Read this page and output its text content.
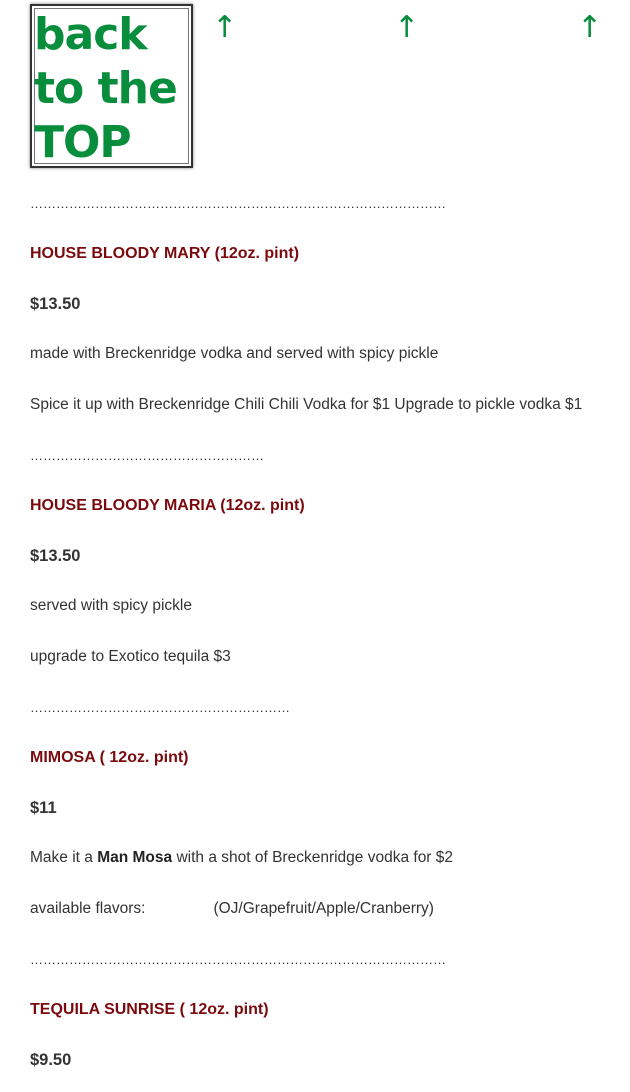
back
to the
TOP
↑	↑	↑
……………………………………………………………………………………
HOUSE BLOODY MARY (12oz. pint)
$13.50
made with Breckenridge vodka and served with spicy pickle
Spice it up with Breckenridge Chili Chili Vodka for $1 Upgrade to pickle vodka $1
………………………………………………
HOUSE BLOODY MARIA (12oz. pint)
$13.50
served with spicy pickle
upgrade to Exotico tequila $3
……………………………………………………
MIMOSA ( 12oz. pint)
$11
Make it a Man Mosa with a shot of Breckenridge vodka for $2
available flavors:	(OJ/Grapefruit/Apple/Cranberry)
……………………………………………………………………………………
TEQUILA SUNRISE ( 12oz. pint)
$9.50
